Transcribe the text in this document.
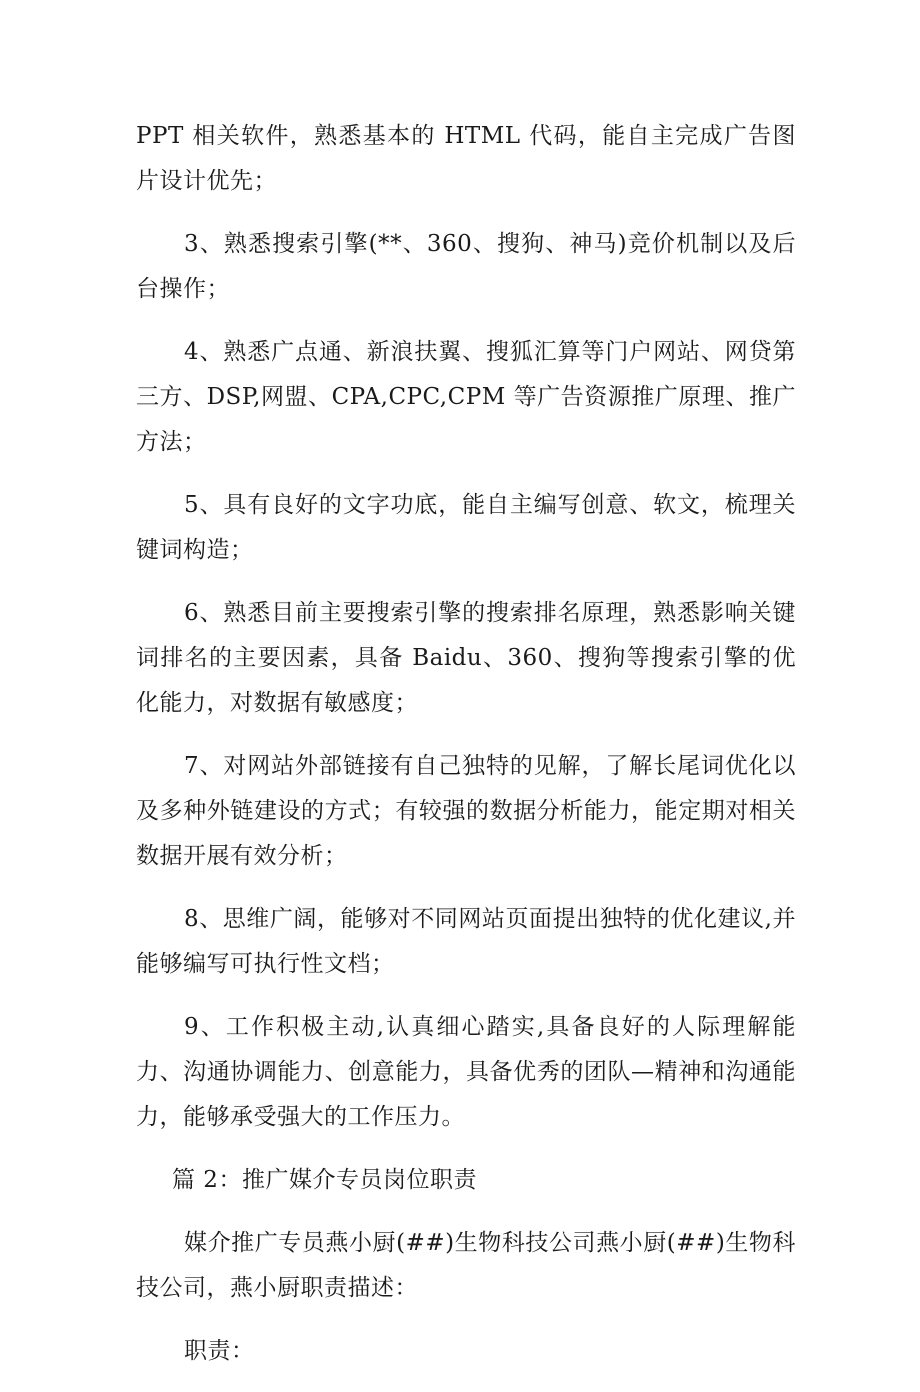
PPT 相关软件，熟悉基本的 HTML 代码，能自主完成广告图片设计优先；

3、熟悉搜索引擎(**、360、搜狗、神马)竞价机制以及后台操作；

4、熟悉广点通、新浪扶翼、搜狐汇算等门户网站、网贷第三方、DSP,网盟、CPA,CPC,CPM 等广告资源推广原理、推广方法；

5、具有良好的文字功底，能自主编写创意、软文，梳理关键词构造；

6、熟悉目前主要搜索引擎的搜索排名原理，熟悉影响关键词排名的主要因素，具备 Baidu、360、搜狗等搜索引擎的优化能力，对数据有敏感度；

7、对网站外部链接有自己独特的见解，了解长尾词优化以及多种外链建设的方式；有较强的数据分析能力，能定期对相关数据开展有效分析；

8、思维广阔，能够对不同网站页面提出独特的优化建议,并能够编写可执行性文档；

9、工作积极主动,认真细心踏实,具备良好的人际理解能力、沟通协调能力、创意能力，具备优秀的团队—精神和沟通能力，能够承受强大的工作压力。

篇 2：推广媒介专员岗位职责

媒介推广专员燕小厨(##)生物科技公司燕小厨(##)生物科技公司，燕小厨职责描述：

职责：
